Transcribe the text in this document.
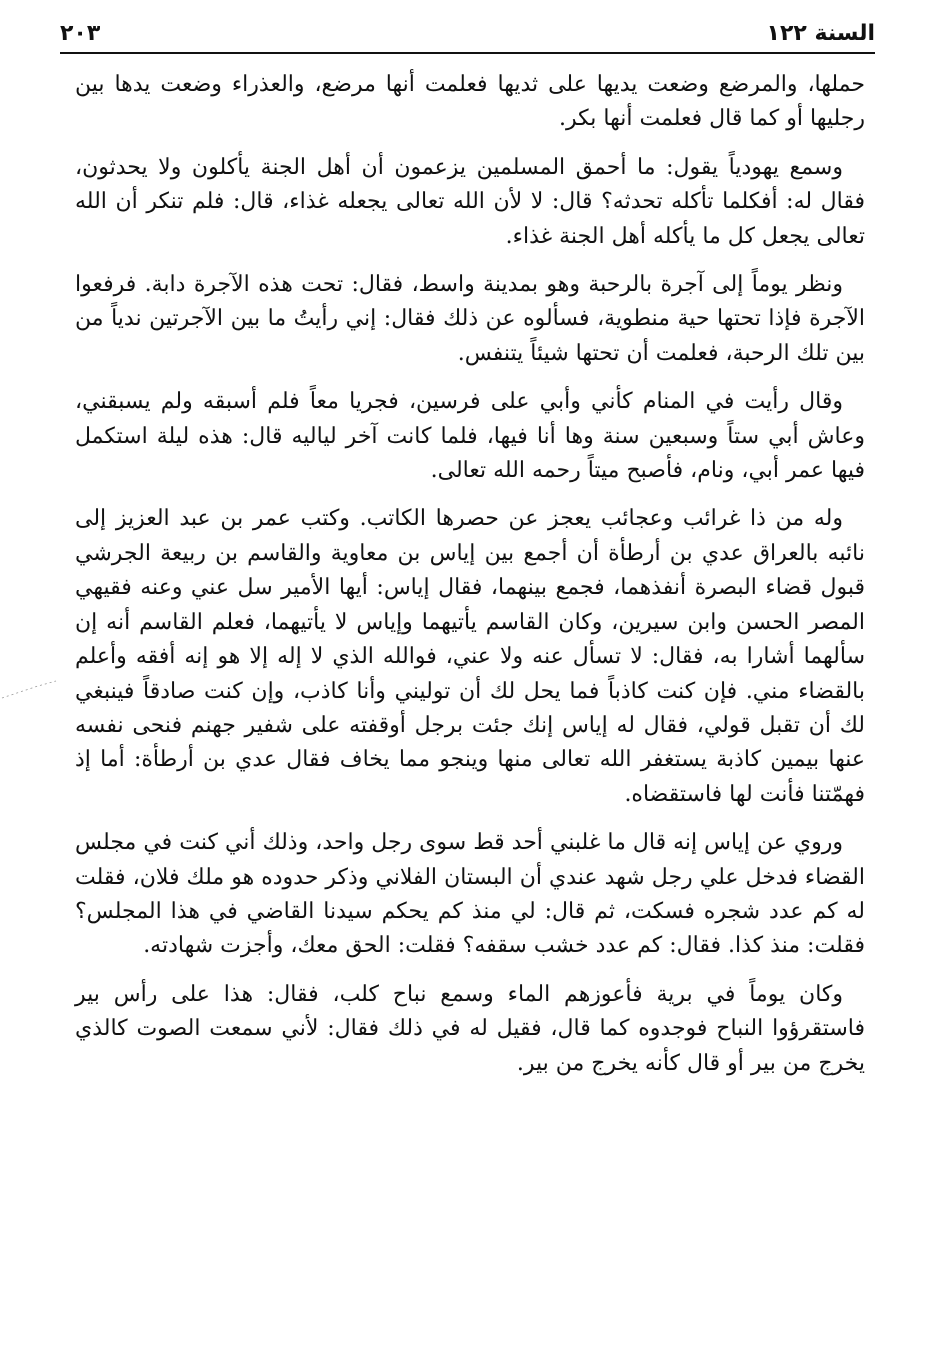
السنة ١٢٢
٢٠٣

حملها، والمرضع وضعت يديها على ثديها فعلمت أنها مرضع، والعذراء وضعت يدها بين رجليها أو كما قال فعلمت أنها بكر.

وسمع يهودياً يقول: ما أحمق المسلمين يزعمون أن أهل الجنة يأكلون ولا يحدثون، فقال له: أفكلما تأكله تحدثه؟ قال: لا لأن الله تعالى يجعله غذاء، قال: فلم تنكر أن الله تعالى يجعل كل ما يأكله أهل الجنة غذاء.

ونظر يوماً إلى آجرة بالرحبة وهو بمدينة واسط، فقال: تحت هذه الآجرة دابة. فرفعوا الآجرة فإذا تحتها حية منطوية، فسألوه عن ذلك فقال: إني رأيتُ ما بين الآجرتين ندياً من بين تلك الرحبة، فعلمت أن تحتها شيئاً يتنفس.

وقال رأيت في المنام كأني وأبي على فرسين، فجريا معاً فلم أسبقه ولم يسبقني، وعاش أبي ستاً وسبعين سنة وها أنا فيها، فلما كانت آخر لياليه قال: هذه ليلة استكمل فيها عمر أبي، ونام، فأصبح ميتاً رحمه الله تعالى.

وله من ذا غرائب وعجائب يعجز عن حصرها الكاتب. وكتب عمر بن عبد العزيز إلى نائبه بالعراق عدي بن أرطأة أن أجمع بين إياس بن معاوية والقاسم بن ربيعة الجرشي قبول قضاء البصرة أنفذهما، فجمع بينهما، فقال إياس: أيها الأمير سل عني وعنه فقيهي المصر الحسن وابن سيرين، وكان القاسم يأتيهما وإياس لا يأتيهما، فعلم القاسم أنه إن سألهما أشارا به، فقال: لا تسأل عنه ولا عني، فوالله الذي لا إله إلا هو إنه أفقه وأعلم بالقضاء مني. فإن كنت كاذباً فما يحل لك أن توليني وأنا كاذب، وإن كنت صادقاً فينبغي لك أن تقبل قولي، فقال له إياس إنك جئت برجل أوقفته على شفير جهنم فنحى نفسه عنها بيمين كاذبة يستغفر الله تعالى منها وينجو مما يخاف فقال عدي بن أرطأة: أما إذ فهمّتنا فأنت لها فاستقضاه.

وروي عن إياس إنه قال ما غلبني أحد قط سوى رجل واحد، وذلك أني كنت في مجلس القضاء فدخل علي رجل شهد عندي أن البستان الفلاني وذكر حدوده هو ملك فلان، فقلت له كم عدد شجره فسكت، ثم قال: لي منذ كم يحكم سيدنا القاضي في هذا المجلس؟ فقلت: منذ كذا. فقال: كم عدد خشب سقفه؟ فقلت: الحق معك، وأجزت شهادته.

وكان يوماً في برية فأعوزهم الماء وسمع نباح كلب، فقال: هذا على رأس بير فاستقرؤوا النباح فوجدوه كما قال، فقيل له في ذلك فقال: لأني سمعت الصوت كالذي يخرج من بير أو قال كأنه يخرج من بير.
